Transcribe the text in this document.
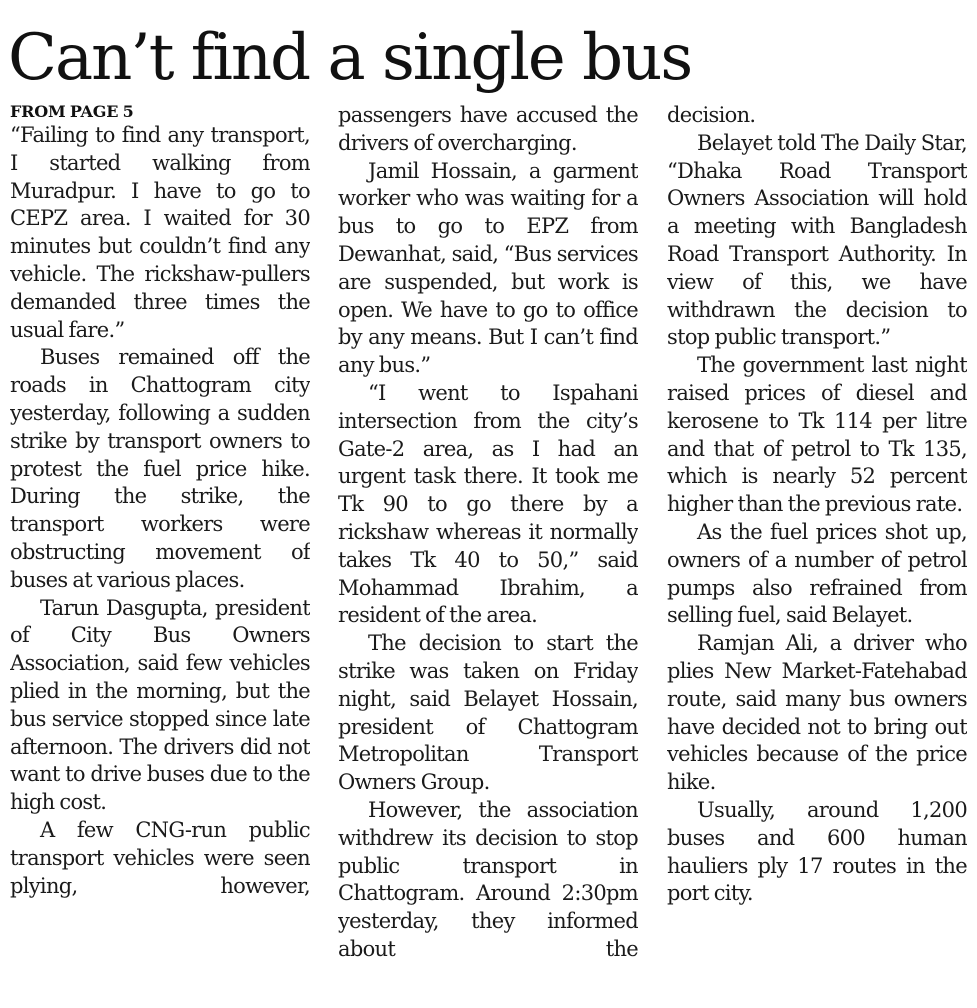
Can’t find a single bus
FROM PAGE 5

“Failing to find any transport, I started walking from Muradpur. I have to go to CEPZ area. I waited for 30 minutes but couldn’t find any vehicle. The rickshaw-pullers demanded three times the usual fare.”

Buses remained off the roads in Chattogram city yesterday, following a sudden strike by transport owners to protest the fuel price hike. During the strike, the transport workers were obstructing movement of buses at various places.

Tarun Dasgupta, president of City Bus Owners Association, said few vehicles plied in the morning, but the bus service stopped since late afternoon. The drivers did not want to drive buses due to the high cost.

A few CNG-run public transport vehicles were seen plying, however,

passengers have accused the drivers of overcharging.

Jamil Hossain, a garment worker who was waiting for a bus to go to EPZ from Dewanhat, said, “Bus services are suspended, but work is open. We have to go to office by any means. But I can’t find any bus.”

“I went to Ispahani intersection from the city’s Gate-2 area, as I had an urgent task there. It took me Tk 90 to go there by a rickshaw whereas it normally takes Tk 40 to 50,” said Mohammad Ibrahim, a resident of the area.

The decision to start the strike was taken on Friday night, said Belayet Hossain, president of Chattogram Metropolitan Transport Owners Group.

However, the association withdrew its decision to stop public transport in Chattogram. Around 2:30pm yesterday, they informed about the

decision.

Belayet told The Daily Star, “Dhaka Road Transport Owners Association will hold a meeting with Bangladesh Road Transport Authority. In view of this, we have withdrawn the decision to stop public transport.”

The government last night raised prices of diesel and kerosene to Tk 114 per litre and that of petrol to Tk 135, which is nearly 52 percent higher than the previous rate.

As the fuel prices shot up, owners of a number of petrol pumps also refrained from selling fuel, said Belayet.

Ramjan Ali, a driver who plies New Market-Fatehabad route, said many bus owners have decided not to bring out vehicles because of the price hike.

Usually, around 1,200 buses and 600 human hauliers ply 17 routes in the port city.
